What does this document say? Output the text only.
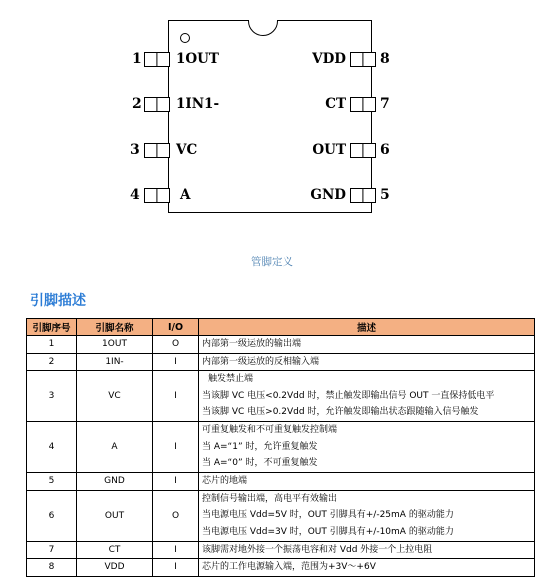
1	1OUT
2	1IN1-
3	VC
4	A
VDD 8
CT 7
OUT 6
GND 5
管脚定义
引脚描述
引脚序号	引脚名称	I/O	描述
1	1OUT	O	内部第一级运放的输出端

2	1IN-	I	内部第一级运放的反相输入端

3	VC	I	触发禁止端
当该脚 VC 电压<0.2Vdd 时，禁止触发即输出信号 OUT 一直保持低电平
当该脚 VC 电压>0.2Vdd 时，允许触发即输出状态跟随输入信号触发

4	A	I	可重复触发和不可重复触发控制端
当 A=“1” 时，允许重复触发
当 A=“0” 时，不可重复触发

5	GND	I	芯片的地端

6	OUT	O	控制信号输出端，高电平有效输出
当电源电压 Vdd=5V 时，OUT 引脚具有+/-25mA 的驱动能力
当电源电压 Vdd=3V 时，OUT 引脚具有+/-10mA 的驱动能力

7	CT	I	该脚需对地外接一个振荡电容和对 Vdd 外接一个上拉电阻

8	VDD	I	芯片的工作电源输入端，范围为+3V～+6V
